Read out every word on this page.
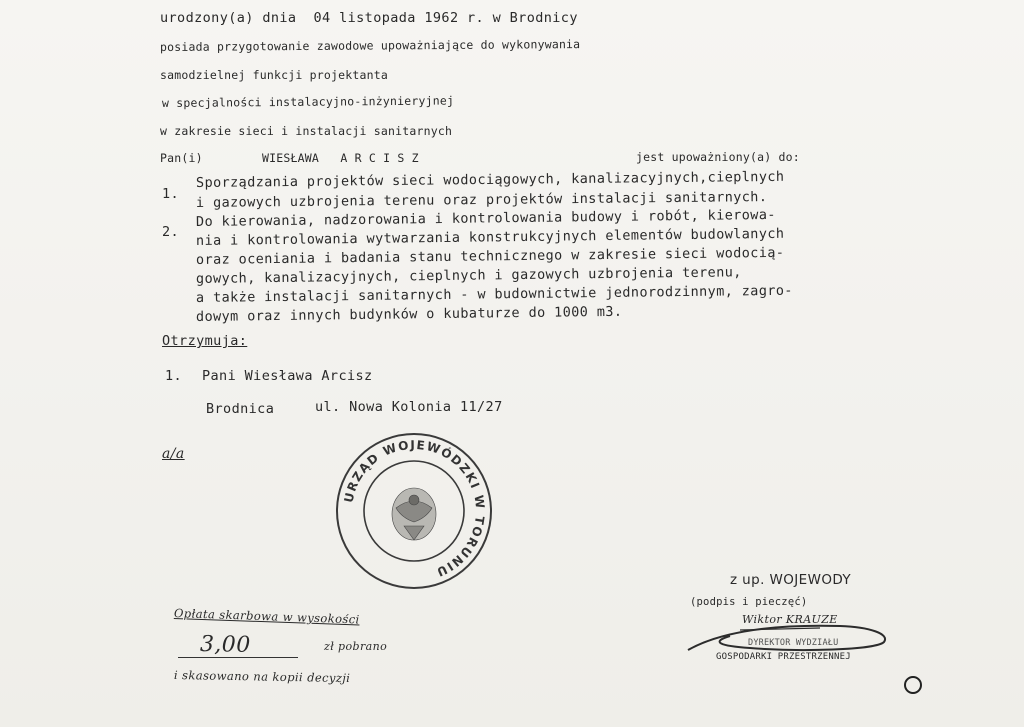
urodzony(a) dnia  04 listopada 1962 r. w Brodnicy
posiada przygotowanie zawodowe upoważniające do wykonywania
samodzielnej funkcji projektanta
w specjalności instalacyjno-inżynieryjnej
w zakresie sieci i instalacji sanitarnych
Pan(i)	WIESŁAWA   A R C I S Z	jest upoważniony(a) do:
1.
Sporządzania projektów sieci wodociągowych, kanalizacyjnych,cieplnych
i gazowych uzbrojenia terenu oraz projektów instalacji sanitarnych.
2.
Do kierowania, nadzorowania i kontrolowania budowy i robót, kierowa-
nia i kontrolowania wytwarzania konstrukcyjnych elementów budowlanych
oraz oceniania i badania stanu technicznego w zakresie sieci wodocią-
gowych, kanalizacyjnych, cieplnych i gazowych uzbrojenia terenu,
a także instalacji sanitarnych - w budownictwie jednorodzinnym, zagro-
dowym oraz innych budynków o kubaturze do 1000 m3.
Otrzymuja:
1. Pani Wiesława Arcisz
Brodnica	ul. Nowa Kolonia 11/27
a/a
URZĄD WOJEWÓDZKI W TORUNIU
z up. WOJEWODY
(podpis i pieczęć)
Wiktor KRAUZE
DYREKTOR WYDZIAŁU
GOSPODARKI PRZESTRZENNEJ
Opłata skarbowa w wysokości
3,00	zł pobrano
i skasowano na kopii decyzji
